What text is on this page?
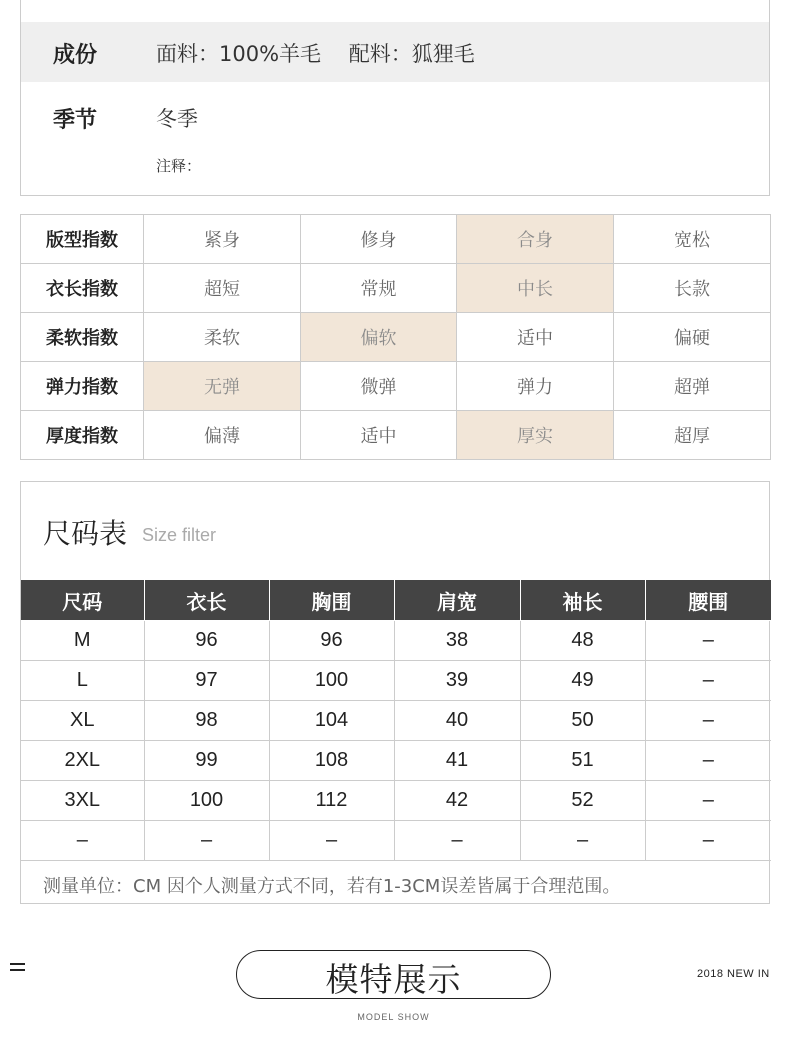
成份	面料：100%羊毛　 配料：狐狸毛
季节	冬季
注释：
版型指数	紧身	修身	合身	宽松
衣长指数	超短	常规	中长	长款
柔软指数	柔软	偏软	适中	偏硬
弹力指数	无弹	微弹	弹力	超弹
厚度指数	偏薄	适中	厚实	超厚
尺码表 Size filter
尺码	衣长	胸围	肩宽	袖长	腰围
M	96	96	38	48	–
L	97	100	39	49	–
XL	98	104	40	50	–
2XL	99	108	41	51	–
3XL	100	112	42	52	–
–	–	–	–	–	–
测量单位：CM 因个人测量方式不同，若有1-3CM误差皆属于合理范围。
模特展示
MODEL SHOW
2018 NEW IN
